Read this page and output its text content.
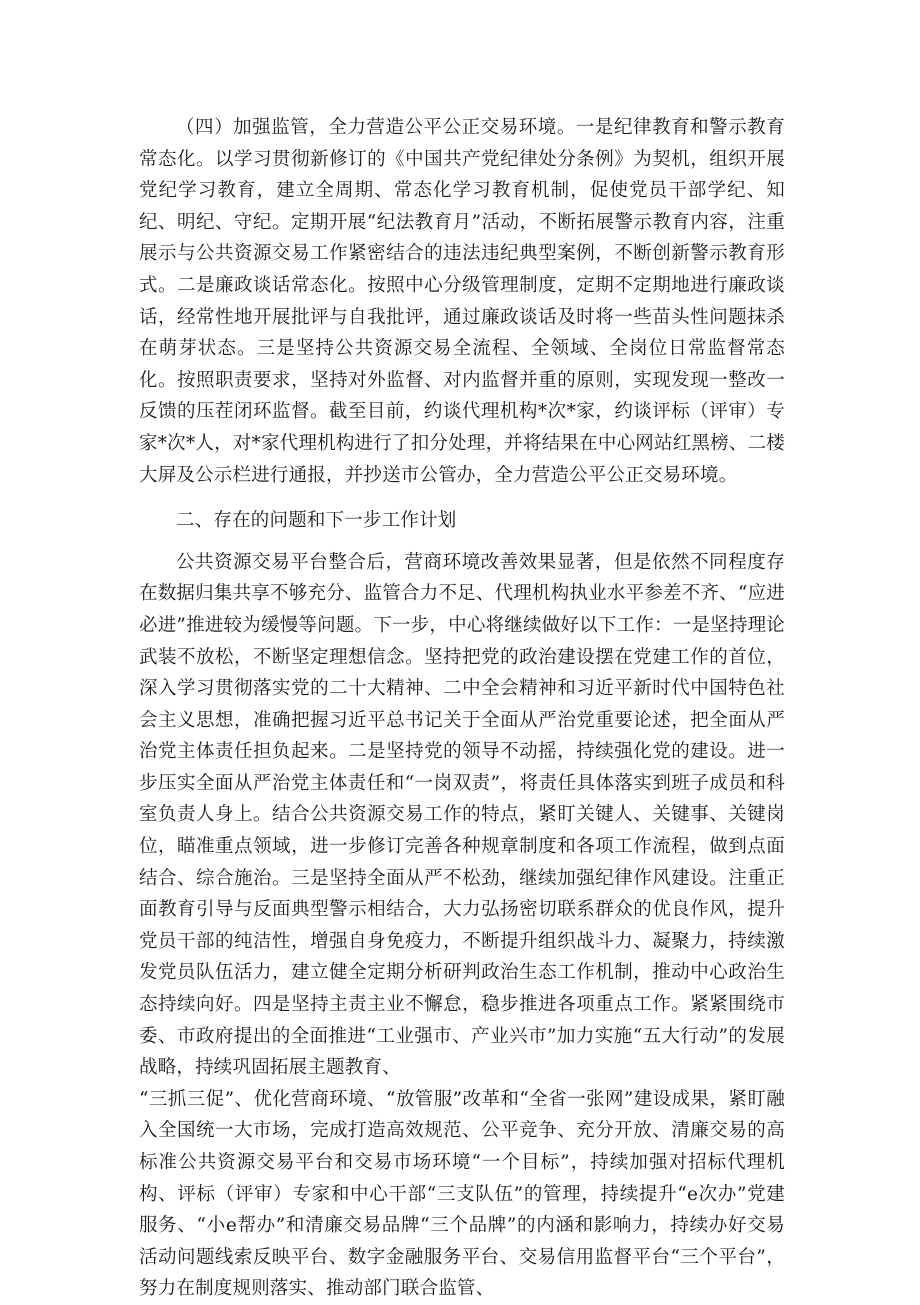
（四）加强监管，全力营造公平公正交易环境。一是纪律教育和警示教育常态化。以学习贯彻新修订的《中国共产党纪律处分条例》为契机，组织开展党纪学习教育，建立全周期、常态化学习教育机制，促使党员干部学纪、知纪、明纪、守纪。定期开展“纪法教育月”活动，不断拓展警示教育内容，注重展示与公共资源交易工作紧密结合的违法违纪典型案例，不断创新警示教育形式。二是廉政谈话常态化。按照中心分级管理制度，定期不定期地进行廉政谈话，经常性地开展批评与自我批评，通过廉政谈话及时将一些苗头性问题抹杀在萌芽状态。三是坚持公共资源交易全流程、全领域、全岗位日常监督常态化。按照职责要求，坚持对外监督、对内监督并重的原则，实现发现一整改一反馈的压茬闭环监督。截至目前，约谈代理机构*次*家，约谈评标（评审）专家*次*人，对*家代理机构进行了扣分处理，并将结果在中心网站红黑榜、二楼大屏及公示栏进行通报，并抄送市公管办，全力营造公平公正交易环境。

二、存在的问题和下一步工作计划

公共资源交易平台整合后，营商环境改善效果显著，但是依然不同程度存在数据归集共享不够充分、监管合力不足、代理机构执业水平参差不齐、“应进必进”推进较为缓慢等问题。下一步，中心将继续做好以下工作：一是坚持理论武装不放松，不断坚定理想信念。坚持把党的政治建设摆在党建工作的首位，深入学习贯彻落实党的二十大精神、二中全会精神和习近平新时代中国特色社会主义思想，准确把握习近平总书记关于全面从严治党重要论述，把全面从严治党主体责任担负起来。二是坚持党的领导不动摇，持续强化党的建设。进一步压实全面从严治党主体责任和“一岗双责”，将责任具体落实到班子成员和科室负责人身上。结合公共资源交易工作的特点，紧盯关键人、关键事、关键岗位，瞄准重点领域，进一步修订完善各种规章制度和各项工作流程，做到点面结合、综合施治。三是坚持全面从严不松劲，继续加强纪律作风建设。注重正面教育引导与反面典型警示相结合，大力弘扬密切联系群众的优良作风，提升党员干部的纯洁性，增强自身免疫力，不断提升组织战斗力、凝聚力，持续激发党员队伍活力，建立健全定期分析研判政治生态工作机制，推动中心政治生态持续向好。四是坚持主责主业不懈怠，稳步推进各项重点工作。紧紧围绕市委、市政府提出的全面推进“工业强市、产业兴市”加力实施“五大行动”的发展战略，持续巩固拓展主题教育、

“三抓三促”、优化营商环境、“放管服”改革和“全省一张网”建设成果，紧盯融入全国统一大市场，完成打造高效规范、公平竞争、充分开放、清廉交易的高标准公共资源交易平台和交易市场环境“一个目标”，持续加强对招标代理机构、评标（评审）专家和中心干部“三支队伍”的管理，持续提升“e次办”党建服务、“小e帮办”和清廉交易品牌“三个品牌”的内涵和影响力，持续办好交易活动问题线索反映平台、数字金融服务平台、交易信用监督平台“三个平台”，努力在制度规则落实、推动部门联合监管、
